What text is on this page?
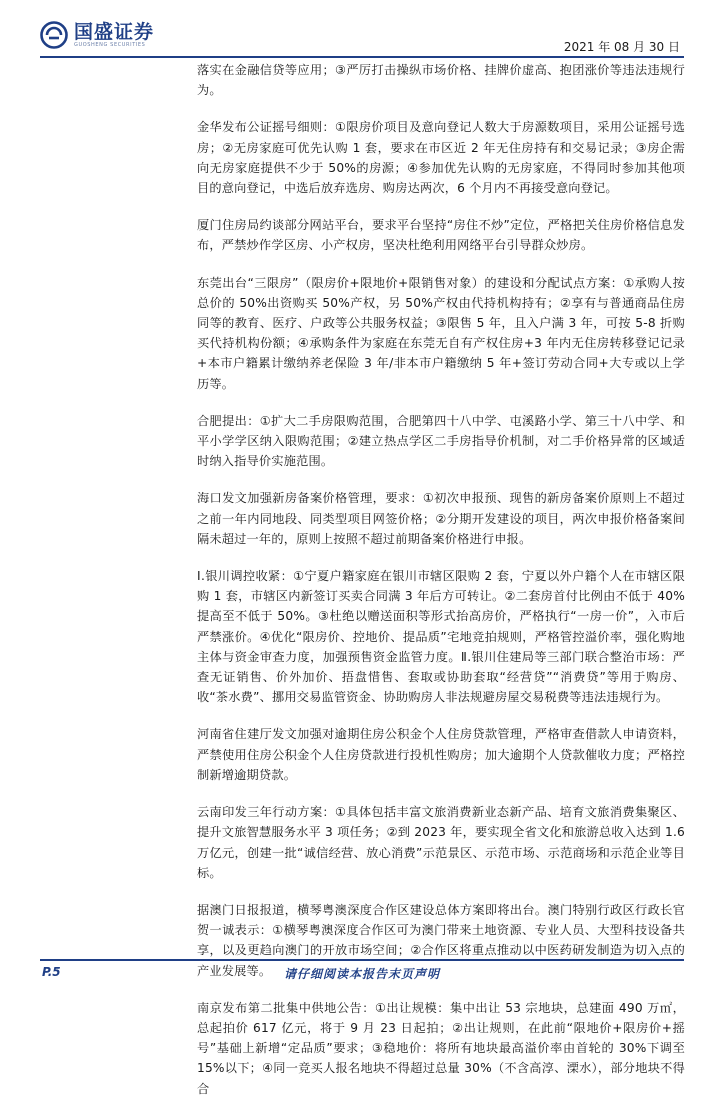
国盛证券
GUOSHENG SECURITIES	2021 年 08 月 30 日

落实在金融信贷等应用；③严厉打击操纵市场价格、挂牌价虚高、抱团涨价等违法违规行为。

金华发布公证摇号细则：①限房价项目及意向登记人数大于房源数项目，采用公证摇号选房；②无房家庭可优先认购 1 套，要求在市区近 2 年无住房持有和交易记录；③房企需向无房家庭提供不少于 50%的房源；④参加优先认购的无房家庭，不得同时参加其他项目的意向登记，中选后放弃选房、购房达两次，6 个月内不再接受意向登记。

厦门住房局约谈部分网站平台，要求平台坚持“房住不炒”定位，严格把关住房价格信息发布，严禁炒作学区房、小产权房，坚决杜绝利用网络平台引导群众炒房。

东莞出台“三限房”（限房价+限地价+限销售对象）的建设和分配试点方案：①承购人按总价的 50%出资购买 50%产权，另 50%产权由代持机构持有；②享有与普通商品住房同等的教育、医疗、户政等公共服务权益；③限售 5 年，且入户满 3 年，可按 5-8 折购买代持机构份额；④承购条件为家庭在东莞无自有产权住房+3 年内无住房转移登记记录+本市户籍累计缴纳养老保险 3 年/非本市户籍缴纳 5 年+签订劳动合同+大专或以上学历等。

合肥提出：①扩大二手房限购范围，合肥第四十八中学、屯溪路小学、第三十八中学、和平小学学区纳入限购范围；②建立热点学区二手房指导价机制，对二手价格异常的区域适时纳入指导价实施范围。

海口发文加强新房备案价格管理，要求：①初次申报预、现售的新房备案价原则上不超过之前一年内同地段、同类型项目网签价格；②分期开发建设的项目，两次申报价格备案间隔未超过一年的，原则上按照不超过前期备案价格进行申报。

Ⅰ.银川调控收紧：①宁夏户籍家庭在银川市辖区限购 2 套，宁夏以外户籍个人在市辖区限购 1 套，市辖区内新签订买卖合同满 3 年后方可转让。②二套房首付比例由不低于 40%提高至不低于 50%。③杜绝以赠送面积等形式抬高房价，严格执行“一房一价”，入市后严禁涨价。④优化“限房价、控地价、提品质”宅地竞拍规则，严格管控溢价率，强化购地主体与资金审查力度，加强预售资金监管力度。Ⅱ.银川住建局等三部门联合整治市场：严查无证销售、价外加价、捂盘惜售、套取或协助套取“经营贷”“消费贷”等用于购房、收“茶水费”、挪用交易监管资金、协助购房人非法规避房屋交易税费等违法违规行为。

河南省住建厅发文加强对逾期住房公积金个人住房贷款管理，严格审查借款人申请资料，严禁使用住房公积金个人住房贷款进行投机性购房；加大逾期个人贷款催收力度；严格控制新增逾期贷款。

云南印发三年行动方案：①具体包括丰富文旅消费新业态新产品、培育文旅消费集聚区、提升文旅智慧服务水平 3 项任务；②到 2023 年，要实现全省文化和旅游总收入达到 1.6 万亿元，创建一批“诚信经营、放心消费”示范景区、示范市场、示范商场和示范企业等目标。

据澳门日报报道，横琴粤澳深度合作区建设总体方案即将出台。澳门特别行政区行政长官贺一诚表示：①横琴粤澳深度合作区可为澳门带来土地资源、专业人员、大型科技设备共享，以及更趋向澳门的开放市场空间；②合作区将重点推动以中医药研发制造为切入点的产业发展等。

南京发布第二批集中供地公告：①出让规模：集中出让 53 宗地块，总建面 490 万㎡，总起拍价 617 亿元，将于 9 月 23 日起拍；②出让规则，在此前“限地价+限房价+摇号”基础上新增“定品质”要求；③稳地价：将所有地块最高溢价率由首轮的 30%下调至 15%以下；④同一竞买人报名地块不得超过总量 30%（不含高淳、溧水），部分地块不得合

P.5	请仔细阅读本报告末页声明
